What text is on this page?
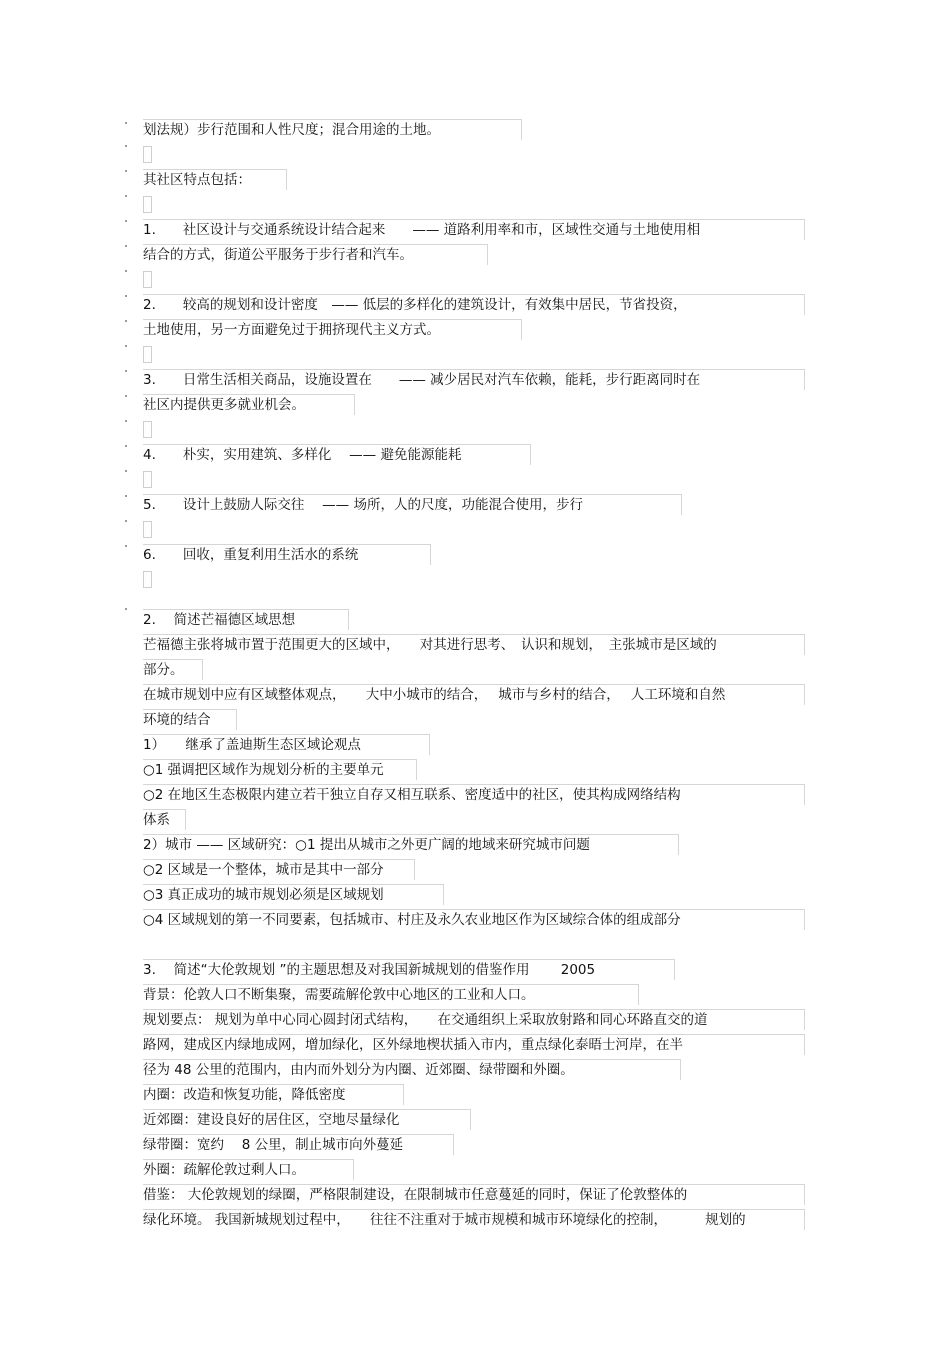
划法规）步行范围和人性尺度；混合用途的土地。
其社区特点包括：
1.　　社区设计与交通系统设计结合起来　　—— 道路利用率和市，区域性交通与土地使用相
结合的方式，街道公平服务于步行者和汽车。
2.　　较高的规划和设计密度　—— 低层的多样化的建筑设计，有效集中居民，节省投资，
土地使用，另一方面避免过于拥挤现代主义方式。
3.　　日常生活相关商品，设施设置在　　—— 减少居民对汽车依赖，能耗，步行距离同时在
社区内提供更多就业机会。
4.　　朴实，实用建筑、多样化　 —— 避免能源能耗
5.　　设计上鼓励人际交往　 —— 场所，人的尺度，功能混合使用，步行
6.　　回收，重复利用生活水的系统
2.　 简述芒福德区域思想
芒福德主张将城市置于范围更大的区域中，　　对其进行思考、　认识和规划，　主张城市是区域的
部分。
在城市规划中应有区域整体观点，　　大中小城市的结合，　 城市与乡村的结合，　 人工环境和自然
环境的结合
1）　　继承了盖迪斯生态区域论观点
○1 强调把区域作为规划分析的主要单元
○2 在地区生态极限内建立若干独立自存又相互联系、密度适中的社区，使其构成网络结构
体系
2）城市 —— 区域研究：○1 提出从城市之外更广阔的地域来研究城市问题
○2 区域是一个整体，城市是其中一部分
○3 真正成功的城市规划必须是区域规划
○4 区域规划的第一不同要素，包括城市、村庄及永久农业地区作为区域综合体的组成部分
3.　 简述“大伦敦规划 ”的主题思想及对我国新城规划的借鉴作用　　 2005
背景：伦敦人口不断集聚，需要疏解伦敦中心地区的工业和人口。
规划要点： 规划为单中心同心圆封闭式结构，　　在交通组织上采取放射路和同心环路直交的道
路网，建成区内绿地成网，增加绿化，区外绿地楔状插入市内，重点绿化泰晤士河岸，在半
径为 48 公里的范围内，由内而外划分为内圈、近郊圈、绿带圈和外圈。
内圈：改造和恢复功能，降低密度
近郊圈：建设良好的居住区，空地尽量绿化
绿带圈：宽约　 8 公里，制止城市向外蔓延
外圈：疏解伦敦过剩人口。
借鉴： 大伦敦规划的绿圈，严格限制建设，在限制城市任意蔓延的同时，保证了伦敦整体的
绿化环境。 我国新城规划过程中，　　往往不注重对于城市规模和城市环境绿化的控制，　　　 规划的
